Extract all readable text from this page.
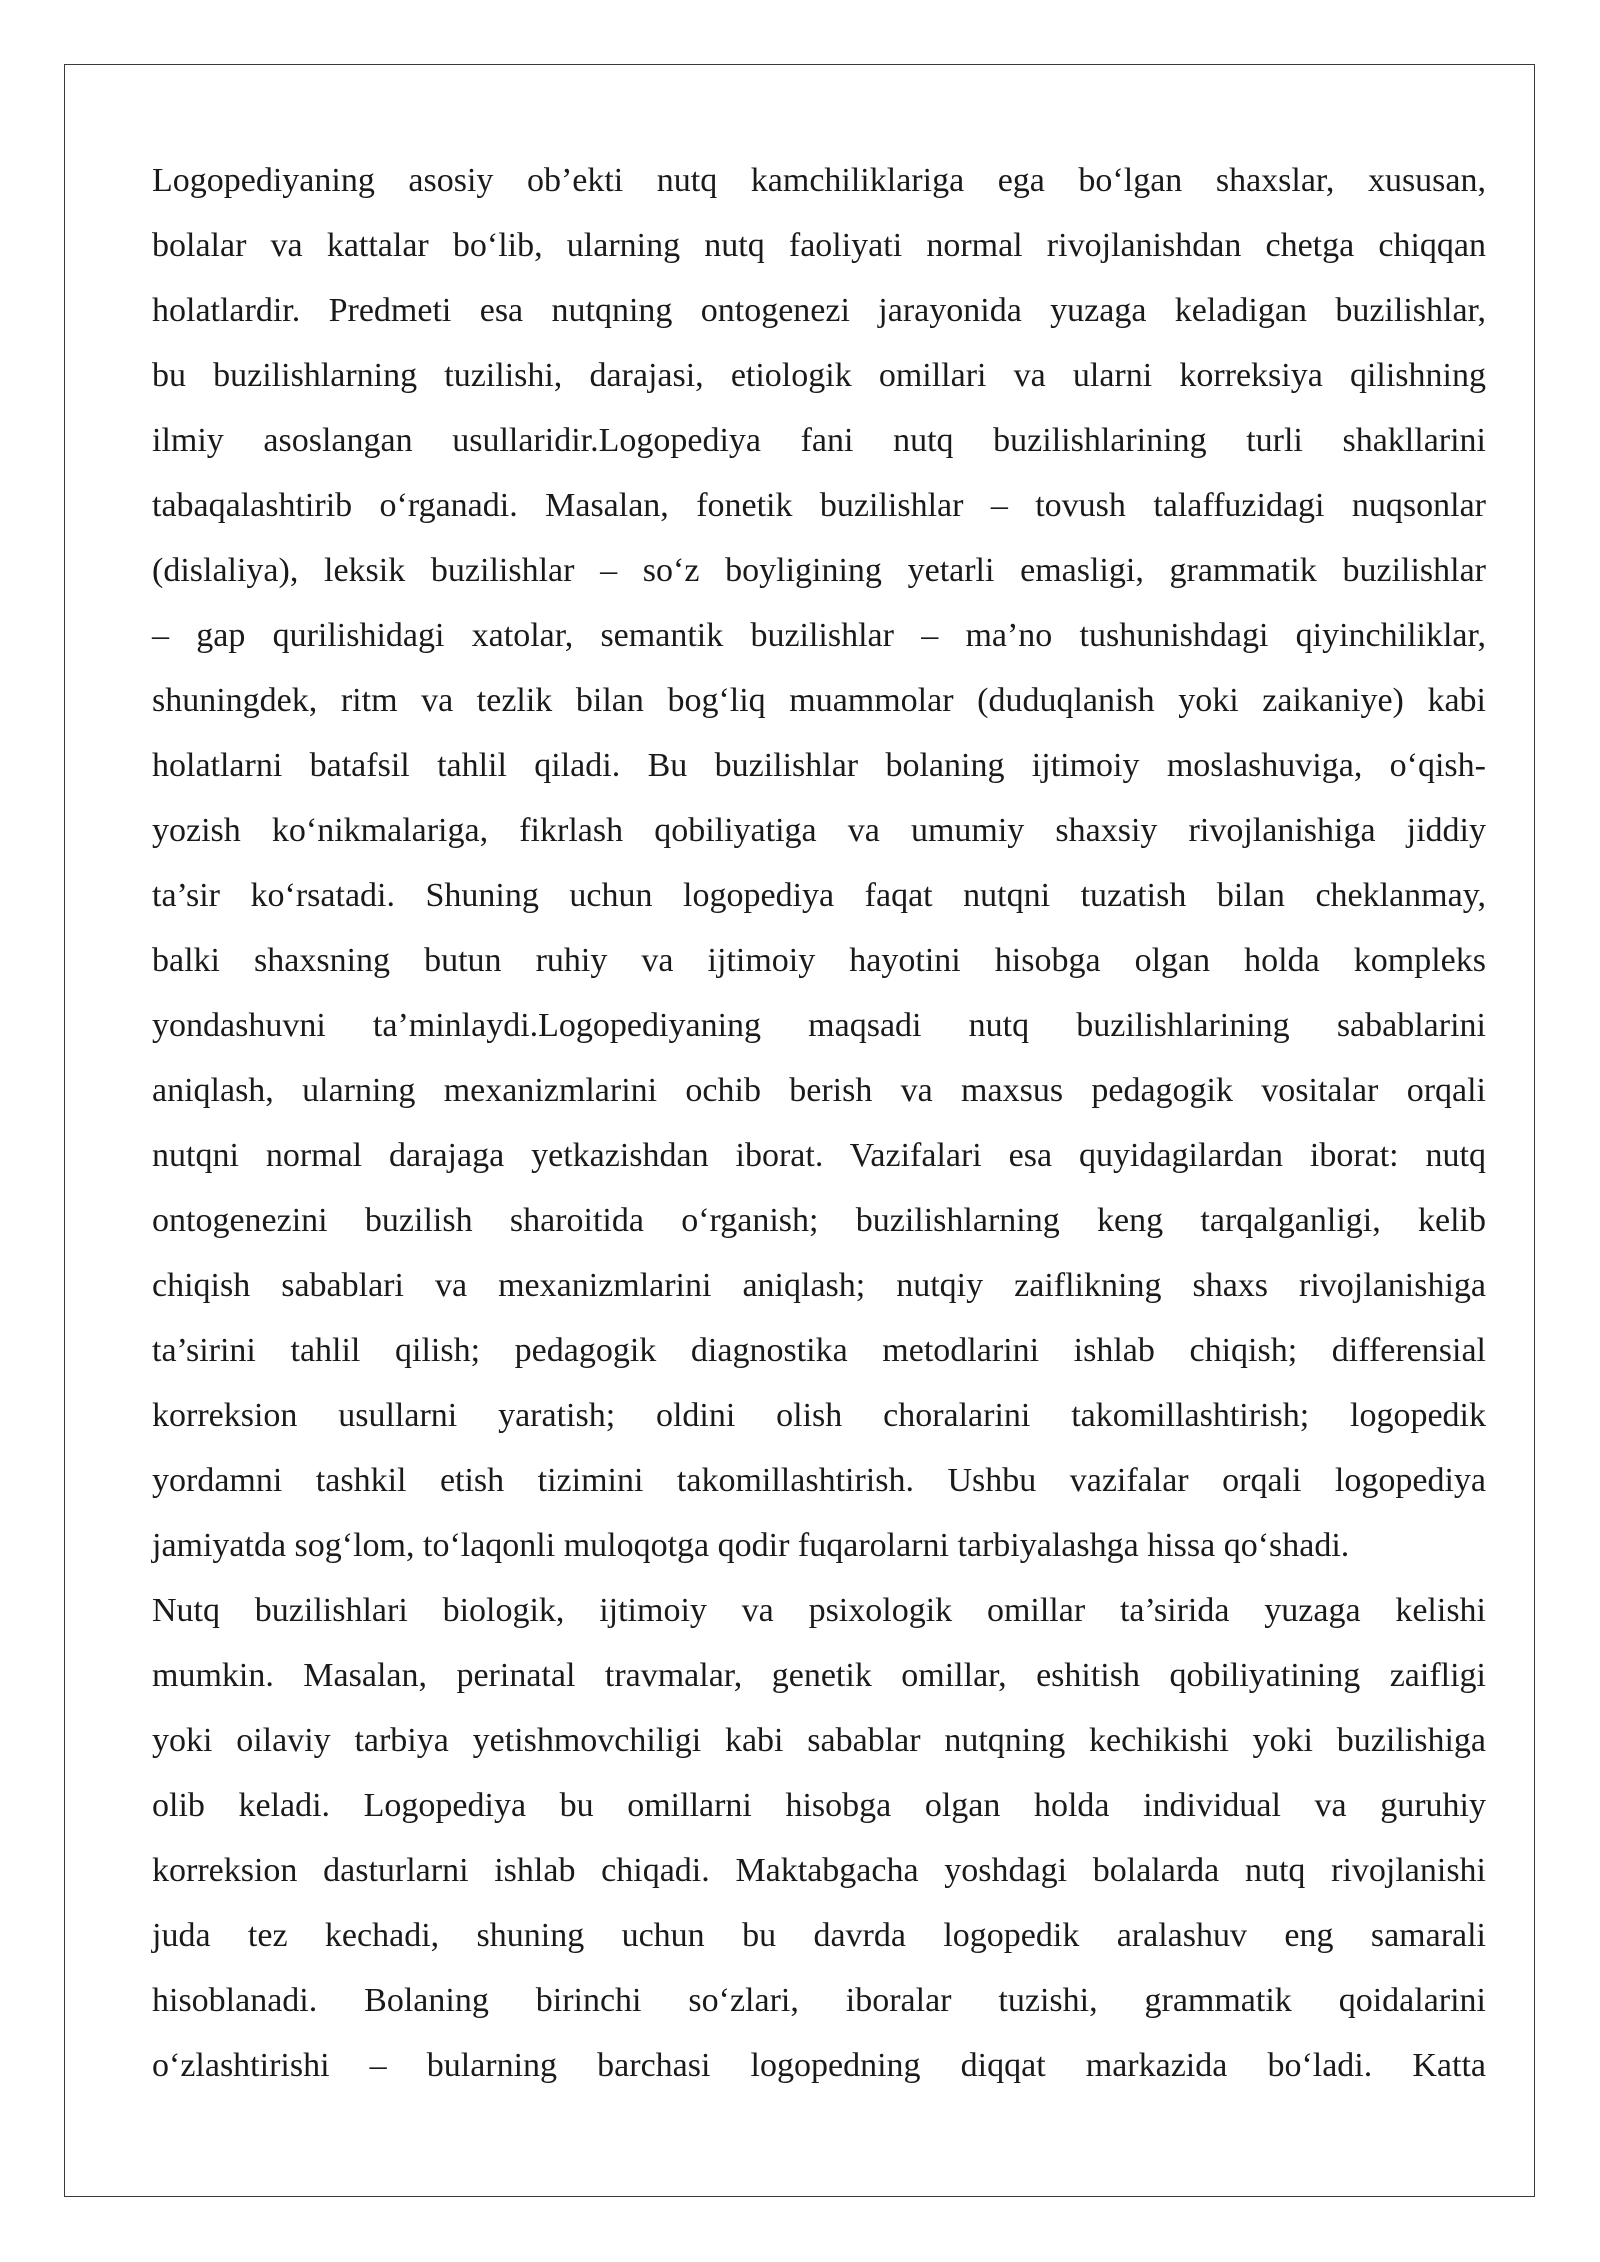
Logopediyaning asosiy ob’ekti nutq kamchiliklariga ega bo‘lgan shaxslar, xususan,
bolalar va kattalar bo‘lib, ularning nutq faoliyati normal rivojlanishdan chetga chiqqan
holatlardir. Predmeti esa nutqning ontogenezi jarayonida yuzaga keladigan buzilishlar,
bu buzilishlarning tuzilishi, darajasi, etiologik omillari va ularni korreksiya qilishning
ilmiy asoslangan usullaridir.Logopediya fani nutq buzilishlarining turli shakllarini
tabaqalashtirib o‘rganadi. Masalan, fonetik buzilishlar – tovush talaffuzidagi nuqsonlar
(dislaliya), leksik buzilishlar – so‘z boyligining yetarli emasligi, grammatik buzilishlar
– gap qurilishidagi xatolar, semantik buzilishlar – ma’no tushunishdagi qiyinchiliklar,
shuningdek, ritm va tezlik bilan bog‘liq muammolar (duduqlanish yoki zaikaniye) kabi
holatlarni batafsil tahlil qiladi. Bu buzilishlar bolaning ijtimoiy moslashuviga, o‘qish-
yozish ko‘nikmalariga, fikrlash qobiliyatiga va umumiy shaxsiy rivojlanishiga jiddiy
ta’sir ko‘rsatadi. Shuning uchun logopediya faqat nutqni tuzatish bilan cheklanmay,
balki shaxsning butun ruhiy va ijtimoiy hayotini hisobga olgan holda kompleks
yondashuvni ta’minlaydi.Logopediyaning maqsadi nutq buzilishlarining sabablarini
aniqlash, ularning mexanizmlarini ochib berish va maxsus pedagogik vositalar orqali
nutqni normal darajaga yetkazishdan iborat. Vazifalari esa quyidagilardan iborat: nutq
ontogenezini buzilish sharoitida o‘rganish; buzilishlarning keng tarqalganligi, kelib
chiqish sabablari va mexanizmlarini aniqlash; nutqiy zaiflikning shaxs rivojlanishiga
ta’sirini tahlil qilish; pedagogik diagnostika metodlarini ishlab chiqish; differensial
korreksion usullarni yaratish; oldini olish choralarini takomillashtirish; logopedik
yordamni tashkil etish tizimini takomillashtirish. Ushbu vazifalar orqali logopediya
jamiyatda sog‘lom, to‘laqonli muloqotga qodir fuqarolarni tarbiyalashga hissa qo‘shadi.
Nutq buzilishlari biologik, ijtimoiy va psixologik omillar ta’sirida yuzaga kelishi
mumkin. Masalan, perinatal travmalar, genetik omillar, eshitish qobiliyatining zaifligi
yoki oilaviy tarbiya yetishmovchiligi kabi sabablar nutqning kechikishi yoki buzilishiga
olib keladi. Logopediya bu omillarni hisobga olgan holda individual va guruhiy
korreksion dasturlarni ishlab chiqadi. Maktabgacha yoshdagi bolalarda nutq rivojlanishi
juda tez kechadi, shuning uchun bu davrda logopedik aralashuv eng samarali
hisoblanadi. Bolaning birinchi so‘zlari, iboralar tuzishi, grammatik qoidalarini
o‘zlashtirishi – bularning barchasi logopedning diqqat markazida bo‘ladi. Katta
